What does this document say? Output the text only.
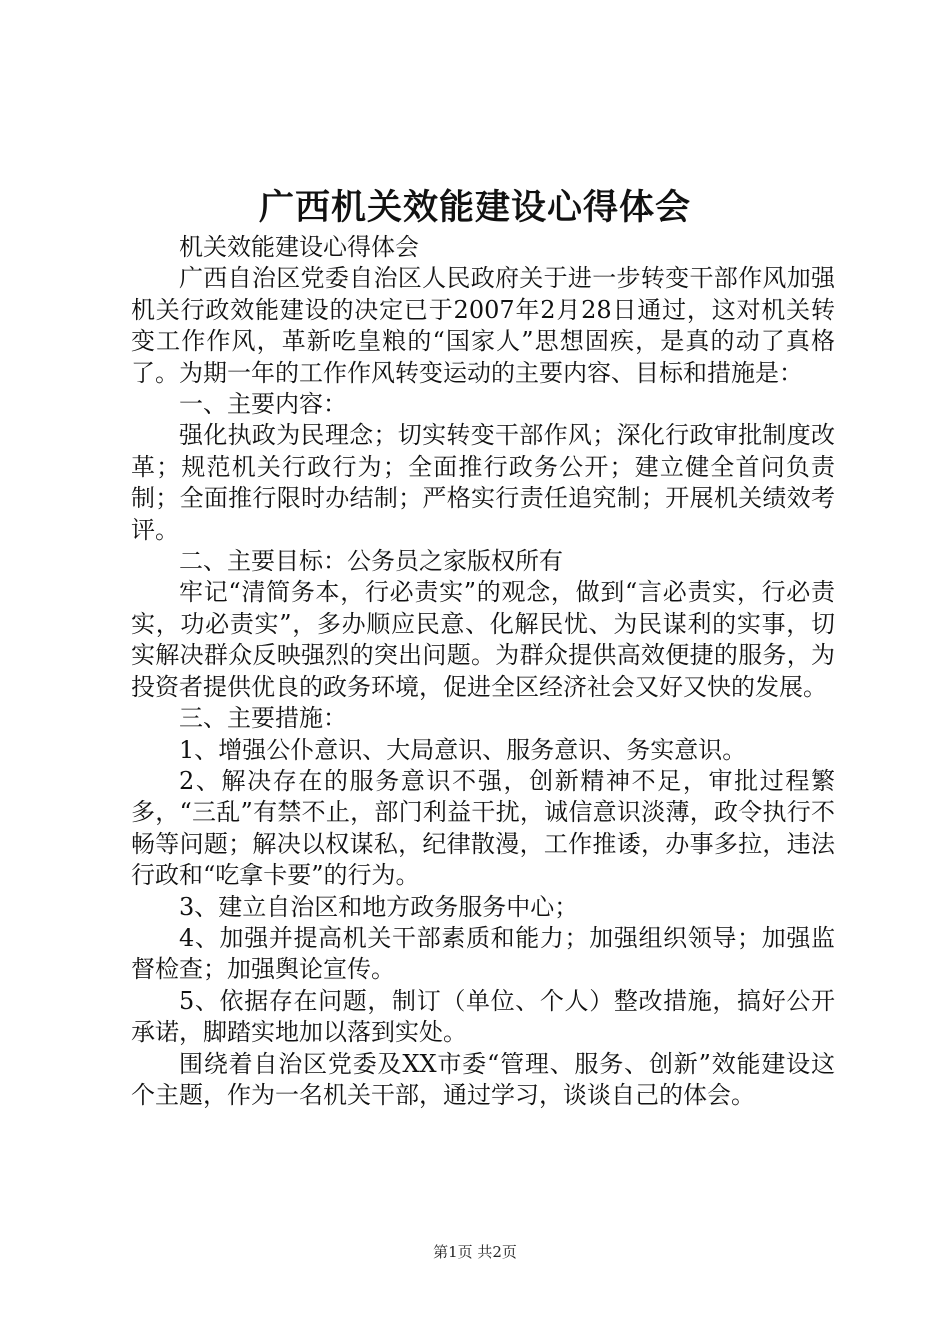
广西机关效能建设心得体会

机关效能建设心得体会

广西自治区党委自治区人民政府关于进一步转变干部作风加强机关行政效能建设的决定已于2007年2月28日通过，这对机关转变工作作风，革新吃皇粮的“国家人”思想固疾，是真的动了真格了。为期一年的工作作风转变运动的主要内容、目标和措施是：

一、主要内容：

强化执政为民理念；切实转变干部作风；深化行政审批制度改革；规范机关行政行为；全面推行政务公开；建立健全首问负责制；全面推行限时办结制；严格实行责任追究制；开展机关绩效考评。

二、主要目标：公务员之家版权所有

牢记“清简务本，行必责实”的观念，做到“言必责实，行必责实，功必责实”，多办顺应民意、化解民忧、为民谋利的实事，切实解决群众反映强烈的突出问题。为群众提供高效便捷的服务，为投资者提供优良的政务环境，促进全区经济社会又好又快的发展。

三、主要措施：

1、增强公仆意识、大局意识、服务意识、务实意识。

2、解决存在的服务意识不强，创新精神不足，审批过程繁多，“三乱”有禁不止，部门利益干扰，诚信意识淡薄，政令执行不畅等问题；解决以权谋私，纪律散漫，工作推诿，办事多拉，违法行政和“吃拿卡要”的行为。

3、建立自治区和地方政务服务中心；

4、加强并提高机关干部素质和能力；加强组织领导；加强监督检查；加强舆论宣传。

5、依据存在问题，制订（单位、个人）整改措施，搞好公开承诺，脚踏实地加以落到实处。

围绕着自治区党委及XX市委“管理、服务、创新”效能建设这个主题，作为一名机关干部，通过学习，谈谈自己的体会。

第1页 共2页
